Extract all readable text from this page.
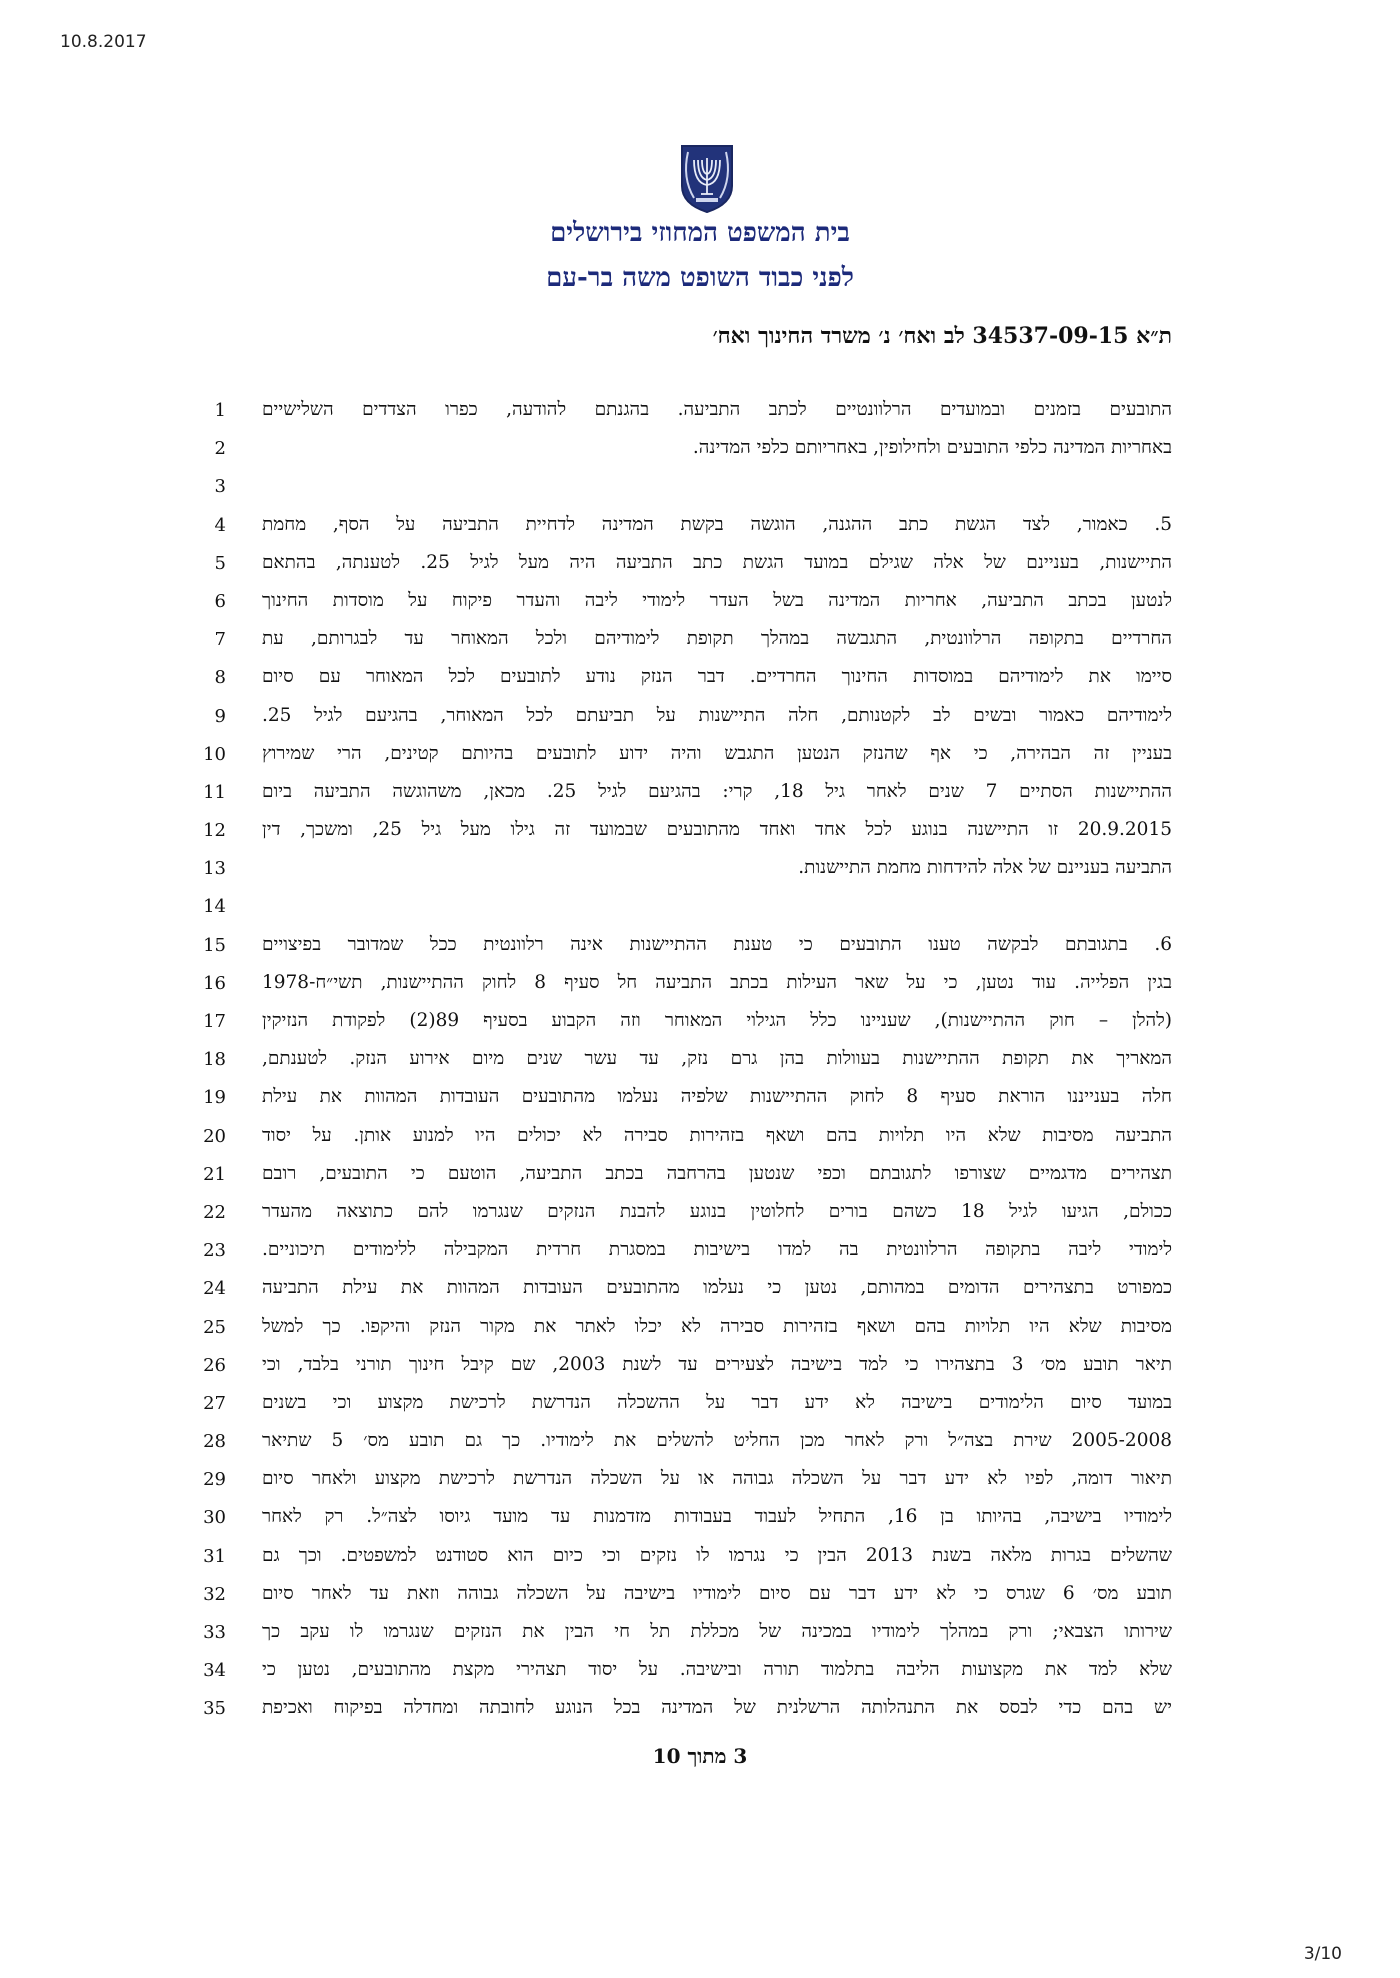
10.8.2017
בית המשפט המחוזי בירושלים
לפני כבוד השופט משה בר-עם
ת״א 34537-09-15 לב ואח׳ נ׳ משרד החינוך ואח׳
1 התובעים בזמנים ובמועדים הרלוונטיים לכתב התביעה. בהגנתם להודעה, כפרו הצדדים השלישיים
2	באחריות המדינה כלפי התובעים ולחילופין, באחריותם כלפי המדינה.
3
4 5. כאמור, לצד הגשת כתב ההגנה, הוגשה בקשת המדינה לדחיית התביעה על הסף, מחמת
5 התיישנות, בעניינם של אלה שגילם במועד הגשת כתב התביעה היה מעל לגיל 25. לטענתה, בהתאם
6 לנטען בכתב התביעה, אחריות המדינה בשל העדר לימודי ליבה והעדר פיקוח על מוסדות החינוך
7 החרדיים בתקופה הרלוונטית, התגבשה במהלך תקופת לימודיהם ולכל המאוחר עד לבגרותם, עת
8 סיימו את לימודיהם במוסדות החינוך החרדיים. דבר הנזק נודע לתובעים לכל המאוחר עם סיום
9 לימודיהם כאמור ובשים לב לקטנותם, חלה התיישנות על תביעתם לכל המאוחר, בהגיעם לגיל 25.
10 בעניין זה הבהירה, כי אף שהנזק הנטען התגבש והיה ידוע לתובעים בהיותם קטינים, הרי שמירוץ
11 ההתיישנות הסתיים 7 שנים לאחר גיל 18, קרי: בהגיעם לגיל 25. מכאן, משהוגשה התביעה ביום
12 20.9.2015 זו התיישנה בנוגע לכל אחד ואחד מהתובעים שבמועד זה גילו מעל גיל 25, ומשכך, דין
13	התביעה בעניינם של אלה להידחות מחמת התיישנות.
14
15 6. בתגובתם לבקשה טענו התובעים כי טענת ההתיישנות אינה רלוונטית ככל שמדובר בפיצויים
16 בגין הפלייה. עוד נטען, כי על שאר העילות בכתב התביעה חל סעיף 8 לחוק ההתיישנות, תשי״ח-1978
17 (להלן – חוק ההתיישנות), שעניינו כלל הגילוי המאוחר וזה הקבוע בסעיף 89(2) לפקודת הנזיקין
18 המאריך את תקופת ההתיישנות בעוולות בהן גרם נזק, עד עשר שנים מיום אירוע הנזק. לטענתם,
19 חלה בענייננו הוראת סעיף 8 לחוק ההתיישנות שלפיה נעלמו מהתובעים העובדות המהוות את עילת
20 התביעה מסיבות שלא היו תלויות בהם ושאף בזהירות סבירה לא יכולים היו למנוע אותן. על יסוד
21 תצהירים מדגמיים שצורפו לתגובתם וכפי שנטען בהרחבה בכתב התביעה, הוטעם כי התובעים, רובם
22 ככולם, הגיעו לגיל 18 כשהם בורים לחלוטין בנוגע להבנת הנזקים שנגרמו להם כתוצאה מהעדר
23 לימודי ליבה בתקופה הרלוונטית בה למדו בישיבות במסגרת חרדית המקבילה ללימודים תיכוניים.
24 כמפורט בתצהירים הדומים במהותם, נטען כי נעלמו מהתובעים העובדות המהוות את עילת התביעה
25 מסיבות שלא היו תלויות בהם ושאף בזהירות סבירה לא יכלו לאתר את מקור הנזק והיקפו. כך למשל
26 תיאר תובע מס׳ 3 בתצהירו כי למד בישיבה לצעירים עד לשנת 2003, שם קיבל חינוך תורני בלבד, וכי
27 במועד סיום הלימודים בישיבה לא ידע דבר על ההשכלה הנדרשת לרכישת מקצוע וכי בשנים
28 2005-2008 שירת בצה״ל ורק לאחר מכן החליט להשלים את לימודיו. כך גם תובע מס׳ 5 שתיאר
29 תיאור דומה, לפיו לא ידע דבר על השכלה גבוהה או על השכלה הנדרשת לרכישת מקצוע ולאחר סיום
30 לימודיו בישיבה, בהיותו בן 16, התחיל לעבוד בעבודות מזדמנות עד מועד גיוסו לצה״ל. רק לאחר
31 שהשלים בגרות מלאה בשנת 2013 הבין כי נגרמו לו נזקים וכי כיום הוא סטודנט למשפטים. וכך גם
32 תובע מס׳ 6 שגרס כי לא ידע דבר עם סיום לימודיו בישיבה על השכלה גבוהה וזאת עד לאחר סיום
33 שירותו הצבאי; ורק במהלך לימודיו במכינה של מכללת תל חי הבין את הנזקים שנגרמו לו עקב כך
34 שלא למד את מקצועות הליבה בתלמוד תורה ובישיבה. על יסוד תצהירי מקצת מהתובעים, נטען כי
35 יש בהם כדי לבסס את התנהלותה הרשלנית של המדינה בכל הנוגע לחובתה ומחדלה בפיקוח ואכיפת
3 מתוך 10
3/10
